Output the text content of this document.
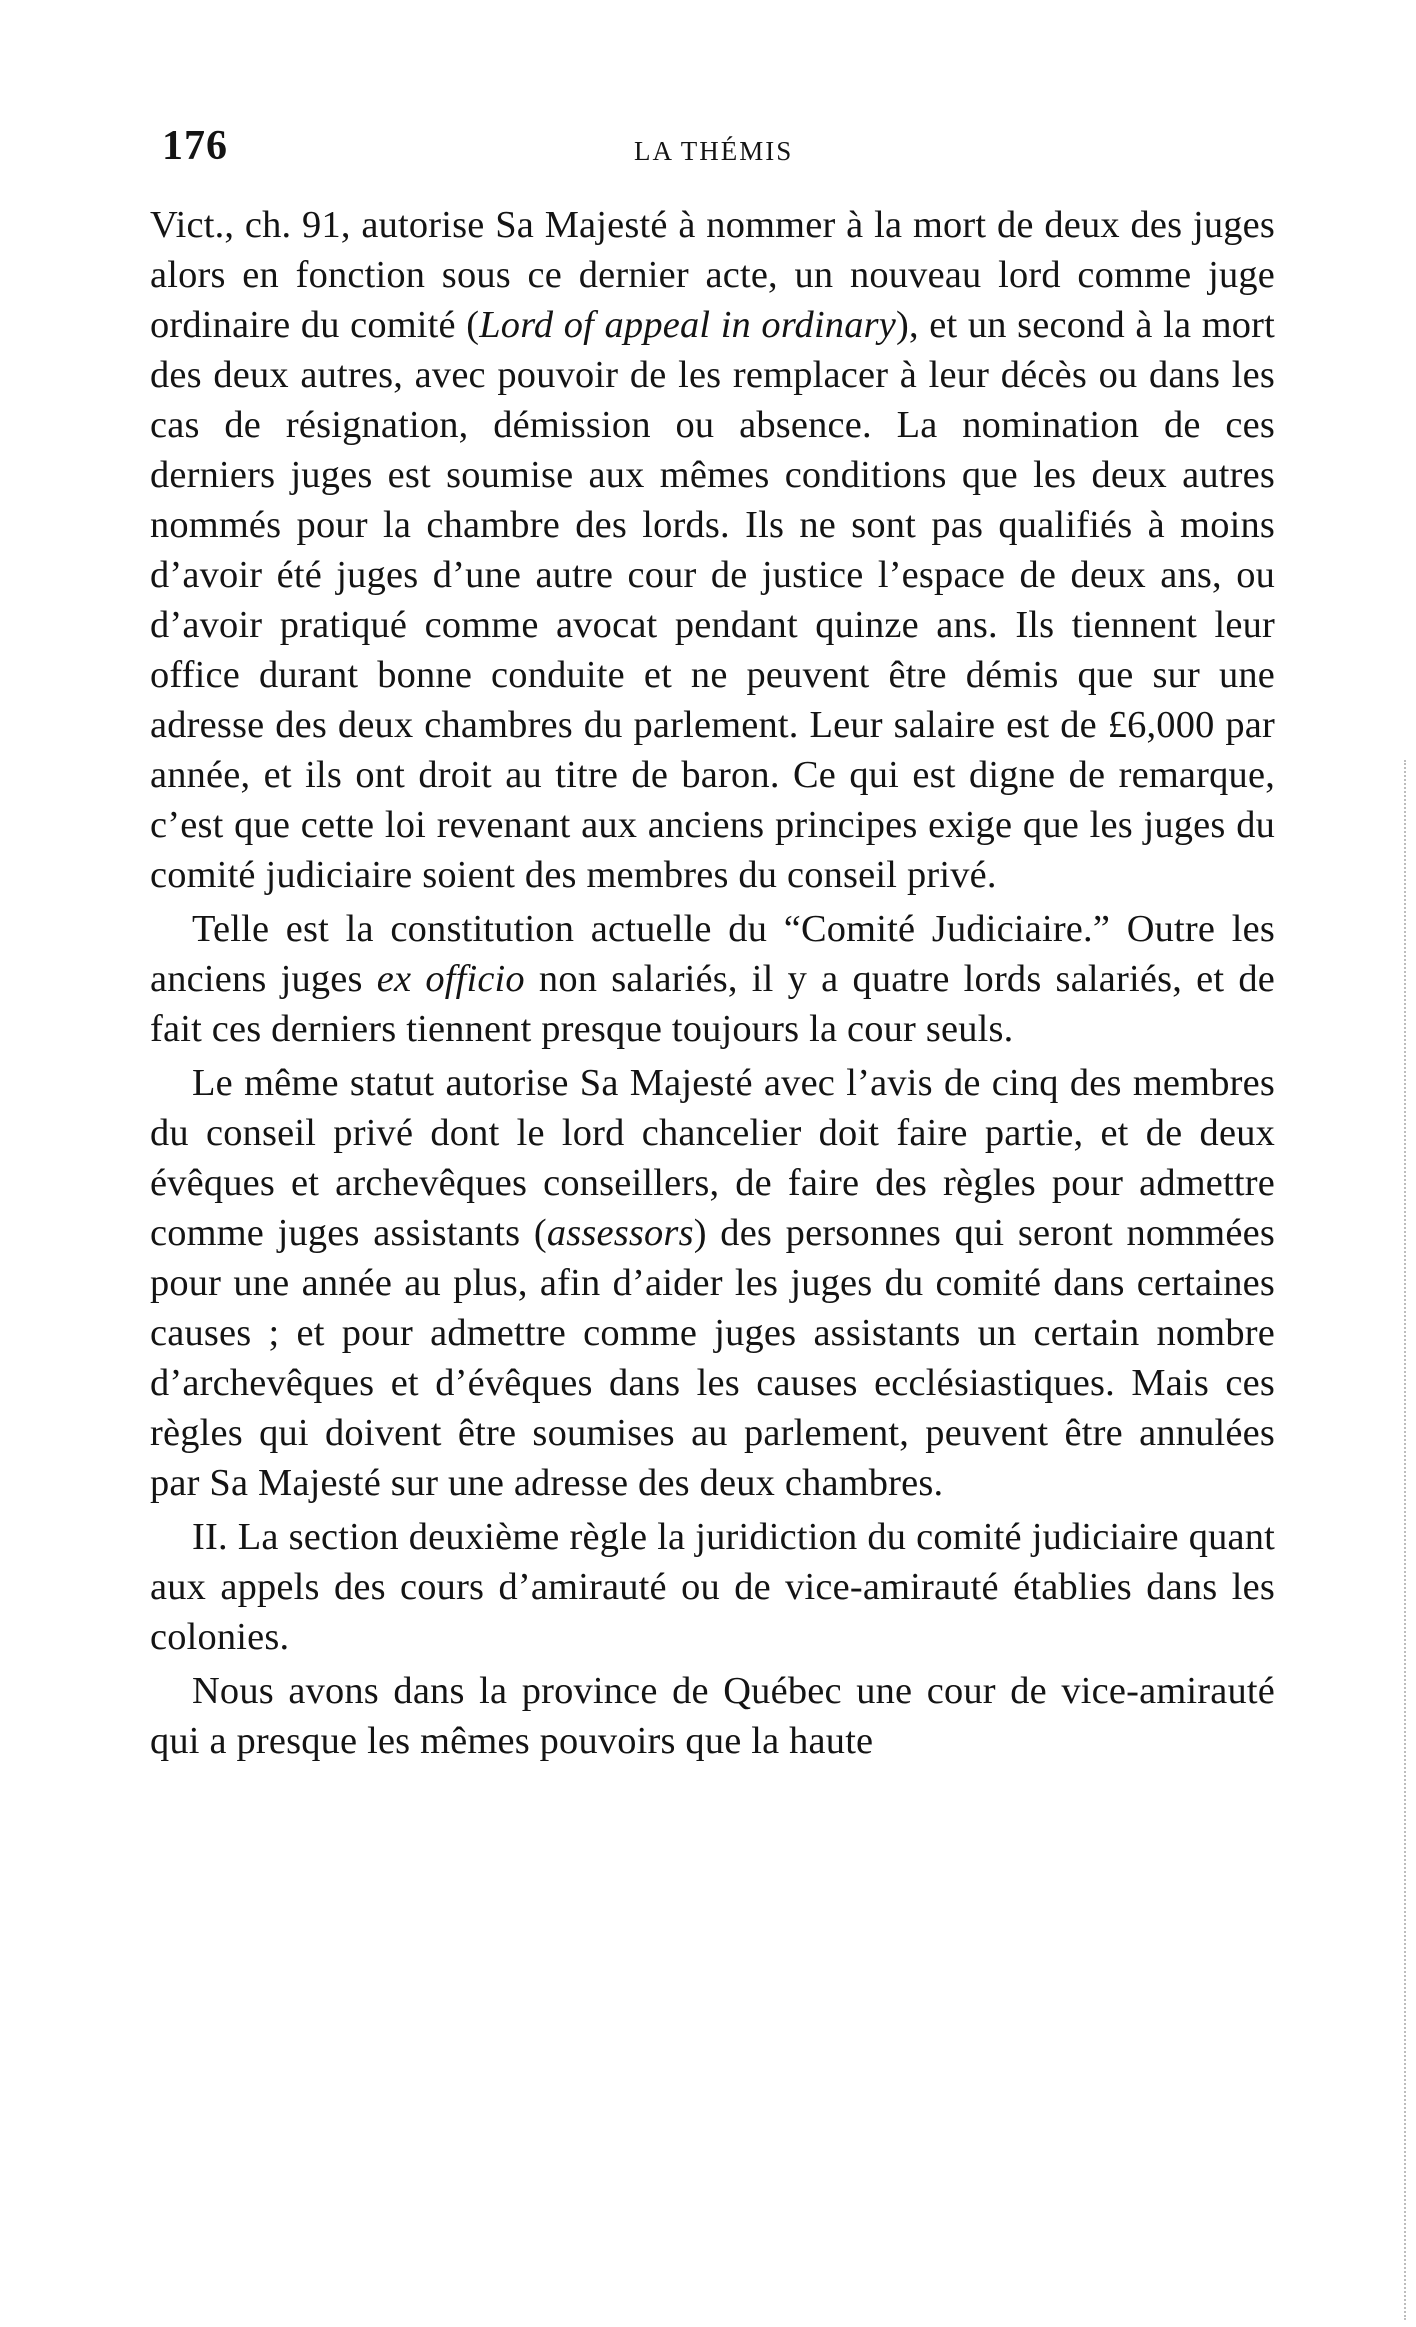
176	LA THÉMIS

Vict., ch. 91, autorise Sa Majesté à nommer à la mort de deux des juges alors en fonction sous ce dernier acte, un nouveau lord comme juge ordinaire du comité (Lord of appeal in ordinary), et un second à la mort des deux autres, avec pouvoir de les remplacer à leur décès ou dans les cas de résignation, démission ou absence. La nomination de ces derniers juges est soumise aux mêmes conditions que les deux autres nommés pour la chambre des lords. Ils ne sont pas qualifiés à moins d’avoir été juges d’une autre cour de justice l’espace de deux ans, ou d’avoir pratiqué comme avocat pendant quinze ans. Ils tiennent leur office durant bonne conduite et ne peuvent être démis que sur une adresse des deux chambres du parlement. Leur salaire est de £6,000 par année, et ils ont droit au titre de baron. Ce qui est digne de remarque, c’est que cette loi revenant aux anciens principes exige que les juges du comité judiciaire soient des membres du conseil privé.

Telle est la constitution actuelle du “Comité Judiciaire.” Outre les anciens juges ex officio non salariés, il y a quatre lords salariés, et de fait ces derniers tiennent presque toujours la cour seuls.

Le même statut autorise Sa Majesté avec l’avis de cinq des membres du conseil privé dont le lord chancelier doit faire partie, et de deux évêques et archevêques conseillers, de faire des règles pour admettre comme juges assistants (assessors) des personnes qui seront nommées pour une année au plus, afin d’aider les juges du comité dans certaines causes ; et pour admettre comme juges assistants un certain nombre d’archevêques et d’évêques dans les causes ecclésiastiques. Mais ces règles qui doivent être soumises au parlement, peuvent être annulées par Sa Majesté sur une adresse des deux chambres.

II. La section deuxième règle la juridiction du comité judiciaire quant aux appels des cours d’amirauté ou de vice-amirauté établies dans les colonies.

Nous avons dans la province de Québec une cour de vice-amirauté qui a presque les mêmes pouvoirs que la haute
